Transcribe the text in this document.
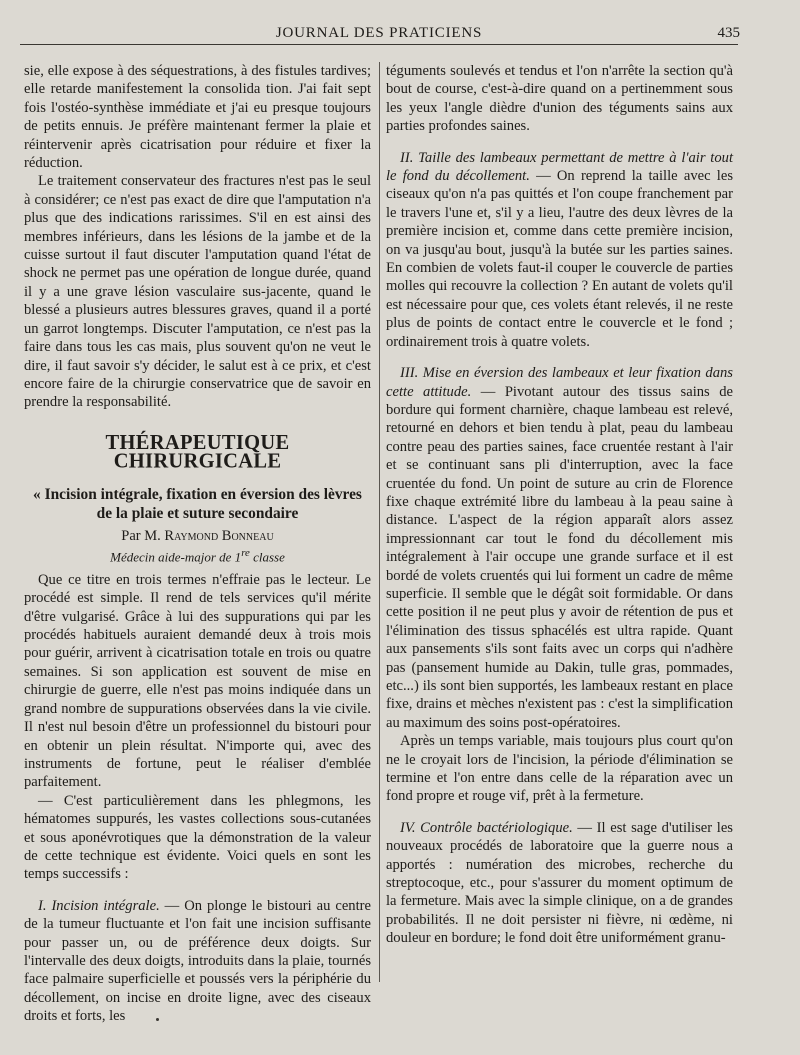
JOURNAL DES PRATICIENS	435

sie, elle expose à des séquestrations, à des fistules tardives; elle retarde manifestement la consolida tion. J'ai fait sept fois l'ostéo-synthèse immédiate et j'ai eu presque toujours de petits ennuis. Je préfère maintenant fermer la plaie et réintervenir après cicatrisation pour réduire et fixer la réduction.

Le traitement conservateur des fractures n'est pas le seul à considérer; ce n'est pas exact de dire que l'amputation n'a plus que des indications rarissimes. S'il en est ainsi des membres inférieurs, dans les lésions de la jambe et de la cuisse surtout il faut discuter l'amputation quand l'état de shock ne permet pas une opération de longue durée, quand il y a une grave lésion vasculaire sus-jacente, quand le blessé a plusieurs autres blessures graves, quand il a porté un garrot longtemps. Discuter l'amputation, ce n'est pas la faire dans tous les cas mais, plus souvent qu'on ne veut le dire, il faut savoir s'y décider, le salut est à ce prix, et c'est encore faire de la chirurgie conservatrice que de savoir en prendre la responsabilité.

THÉRAPEUTIQUE CHIRURGICALE
« Incision intégrale, fixation en éversion des lèvres de la plaie et suture secondaire
Par M. Raymond Bonneau
Médecin aide-major de 1re classe

Que ce titre en trois termes n'effraie pas le lecteur. Le procédé est simple. Il rend de tels services qu'il mérite d'être vulgarisé. Grâce à lui des suppurations qui par les procédés habituels auraient demandé deux à trois mois pour guérir, arrivent à cicatrisation totale en trois ou quatre semaines. Si son application est souvent de mise en chirurgie de guerre, elle n'est pas moins indiquée dans un grand nombre de suppurations observées dans la vie civile. Il n'est nul besoin d'être un professionnel du bistouri pour en obtenir un plein résultat. N'importe qui, avec des instruments de fortune, peut le réaliser d'emblée parfaitement.

— C'est particulièrement dans les phlegmons, les hématomes suppurés, les vastes collections sous-cutanées et sous aponévrotiques que la démonstration de la valeur de cette technique est évidente. Voici quels en sont les temps successifs :

I. Incision intégrale. — On plonge le bistouri au centre de la tumeur fluctuante et l'on fait une incision suffisante pour passer un, ou de préférence deux doigts. Sur l'intervalle des deux doigts, introduits dans la plaie, tournés face palmaire superficielle et poussés vers la périphérie du décollement, on incise en droite ligne, avec des ciseaux droits et forts, les

téguments soulevés et tendus et l'on n'arrête la section qu'à bout de course, c'est-à-dire quand on a pertinemment sous les yeux l'angle dièdre d'union des téguments sains aux parties profondes saines.

II. Taille des lambeaux permettant de mettre à l'air tout le fond du décollement. — On reprend la taille avec les ciseaux qu'on n'a pas quittés et l'on coupe franchement par le travers l'une et, s'il y a lieu, l'autre des deux lèvres de la première incision et, comme dans cette première incision, on va jusqu'au bout, jusqu'à la butée sur les parties saines. En combien de volets faut-il couper le couvercle de parties molles qui recouvre la collection ? En autant de volets qu'il est nécessaire pour que, ces volets étant relevés, il ne reste plus de points de contact entre le couvercle et le fond ; ordinairement trois à quatre volets.

III. Mise en éversion des lambeaux et leur fixation dans cette attitude. — Pivotant autour des tissus sains de bordure qui forment charnière, chaque lambeau est relevé, retourné en dehors et bien tendu à plat, peau du lambeau contre peau des parties saines, face cruentée restant à l'air et se continuant sans pli d'interruption, avec la face cruentée du fond. Un point de suture au crin de Florence fixe chaque extrémité libre du lambeau à la peau saine à distance. L'aspect de la région apparaît alors assez impressionnant car tout le fond du décollement mis intégralement à l'air occupe une grande surface et il est bordé de volets cruentés qui lui forment un cadre de même superficie. Il semble que le dégât soit formidable. Or dans cette position il ne peut plus y avoir de rétention de pus et l'élimination des tissus sphacélés est ultra rapide. Quant aux pansements s'ils sont faits avec un corps qui n'adhère pas (pansement humide au Dakin, tulle gras, pommades, etc...) ils sont bien supportés, les lambeaux restant en place fixe, drains et mèches n'existent pas : c'est la simplification au maximum des soins post-opératoires.

Après un temps variable, mais toujours plus court qu'on ne le croyait lors de l'incision, la période d'élimination se termine et l'on entre dans celle de la réparation avec un fond propre et rouge vif, prêt à la fermeture.

IV. Contrôle bactériologique. — Il est sage d'utiliser les nouveaux procédés de laboratoire que la guerre nous a apportés : numération des microbes, recherche du streptocoque, etc., pour s'assurer du moment optimum de la fermeture. Mais avec la simple clinique, on a de grandes probabilités. Il ne doit persister ni fièvre, ni œdème, ni douleur en bordure; le fond doit être uniformément granu-
